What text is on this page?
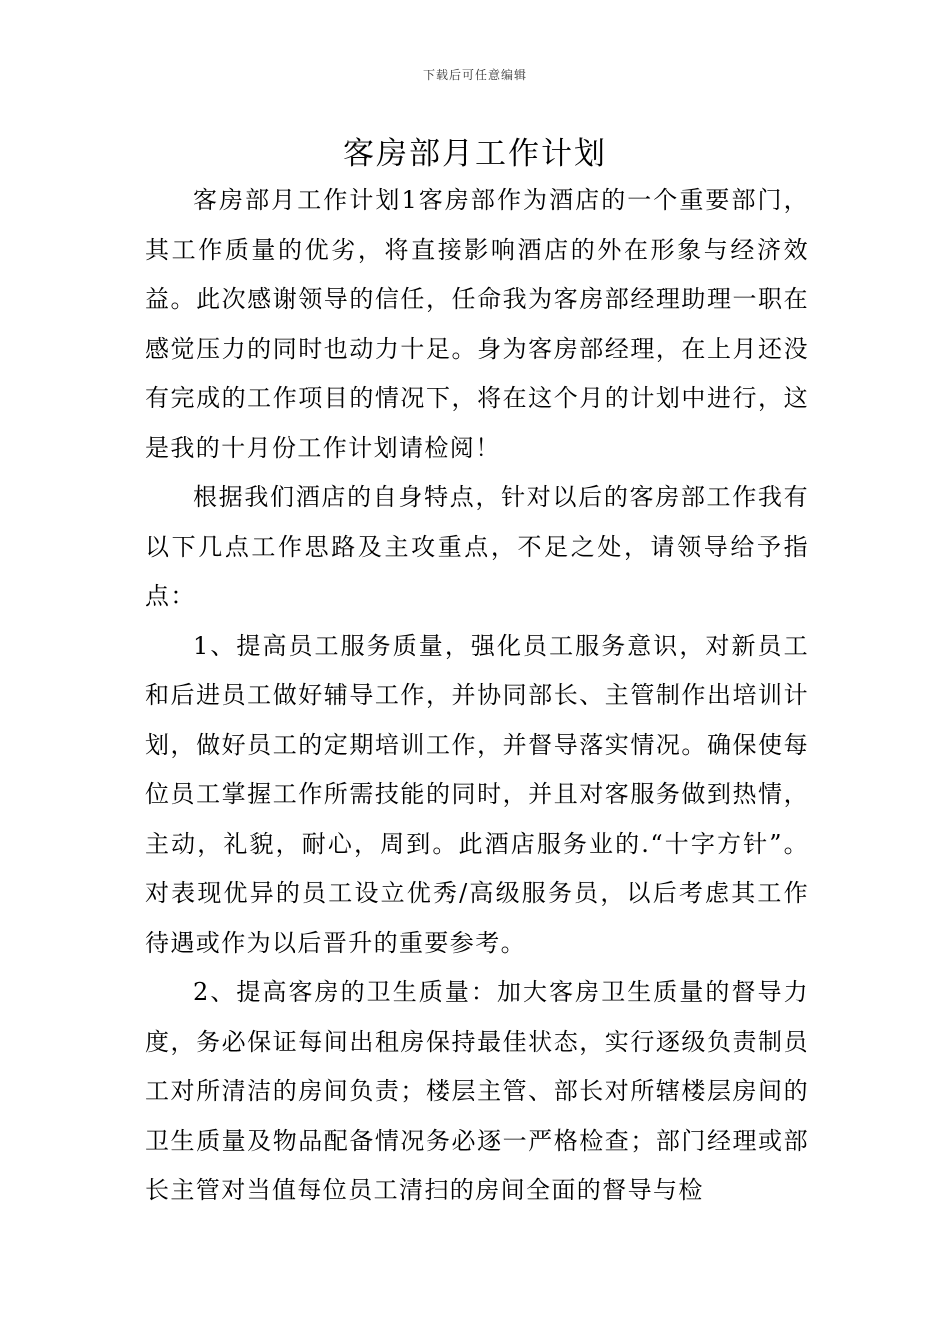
下载后可任意编辑
客房部月工作计划

客房部月工作计划1客房部作为酒店的一个重要部门，其工作质量的优劣，将直接影响酒店的外在形象与经济效益。此次感谢领导的信任，任命我为客房部经理助理一职在感觉压力的同时也动力十足。身为客房部经理，在上月还没有完成的工作项目的情况下，将在这个月的计划中进行，这是我的十月份工作计划请检阅！

根据我们酒店的自身特点，针对以后的客房部工作我有以下几点工作思路及主攻重点，不足之处，请领导给予指点：

1、提高员工服务质量，强化员工服务意识，对新员工和后进员工做好辅导工作，并协同部长、主管制作出培训计划，做好员工的定期培训工作，并督导落实情况。确保使每位员工掌握工作所需技能的同时，并且对客服务做到热情，主动，礼貌，耐心，周到。此酒店服务业的.“十字方针”。对表现优异的员工设立优秀/高级服务员，以后考虑其工作待遇或作为以后晋升的重要参考。

2、提高客房的卫生质量：加大客房卫生质量的督导力度，务必保证每间出租房保持最佳状态，实行逐级负责制员工对所清洁的房间负责；楼层主管、部长对所辖楼层房间的卫生质量及物品配备情况务必逐一严格检查；部门经理或部长主管对当值每位员工清扫的房间全面的督导与检
